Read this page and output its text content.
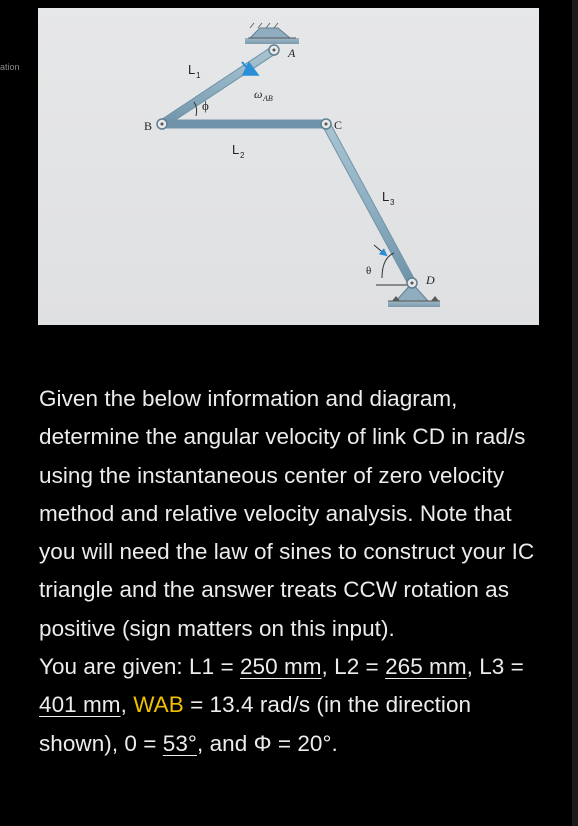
ation
B
A
C
D
L 1
L 2
L 3
ϕ
ω AB
θ

Given the below information and diagram, determine the angular velocity of link CD in rad/s using the instantaneous center of zero velocity method and relative velocity analysis. Note that you will need the law of sines to construct your IC triangle and the answer treats CCW rotation as positive (sign matters on this input).

You are given: L1 = 250 mm, L2 = 265 mm, L3 = 401 mm, WAB = 13.4 rad/s (in the direction shown), 0 = 53°, and Φ = 20°.
